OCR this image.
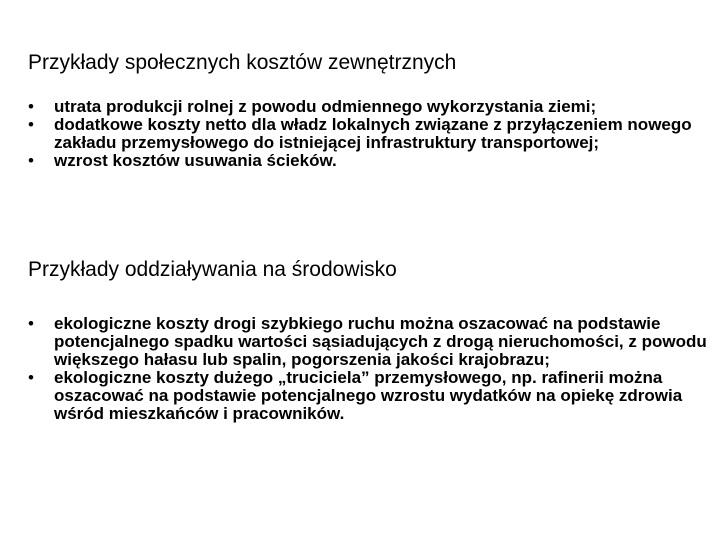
Przykłady społecznych kosztów zewnętrznych
• utrata produkcji rolnej z powodu odmiennego wykorzystania ziemi;
• dodatkowe koszty netto dla władz lokalnych związane z przyłączeniem nowego zakładu przemysłowego do istniejącej infrastruktury transportowej;
• wzrost kosztów usuwania ścieków.
Przykłady oddziaływania na środowisko
• ekologiczne koszty drogi szybkiego ruchu można oszacować na podstawie potencjalnego spadku wartości sąsiadujących z drogą nieruchomości, z powodu większego hałasu lub spalin, pogorszenia jakości krajobrazu;
• ekologiczne koszty dużego „truciciela” przemysłowego, np. rafinerii można oszacować na podstawie potencjalnego wzrostu wydatków na opiekę zdrowia wśród mieszkańców i pracowników.
